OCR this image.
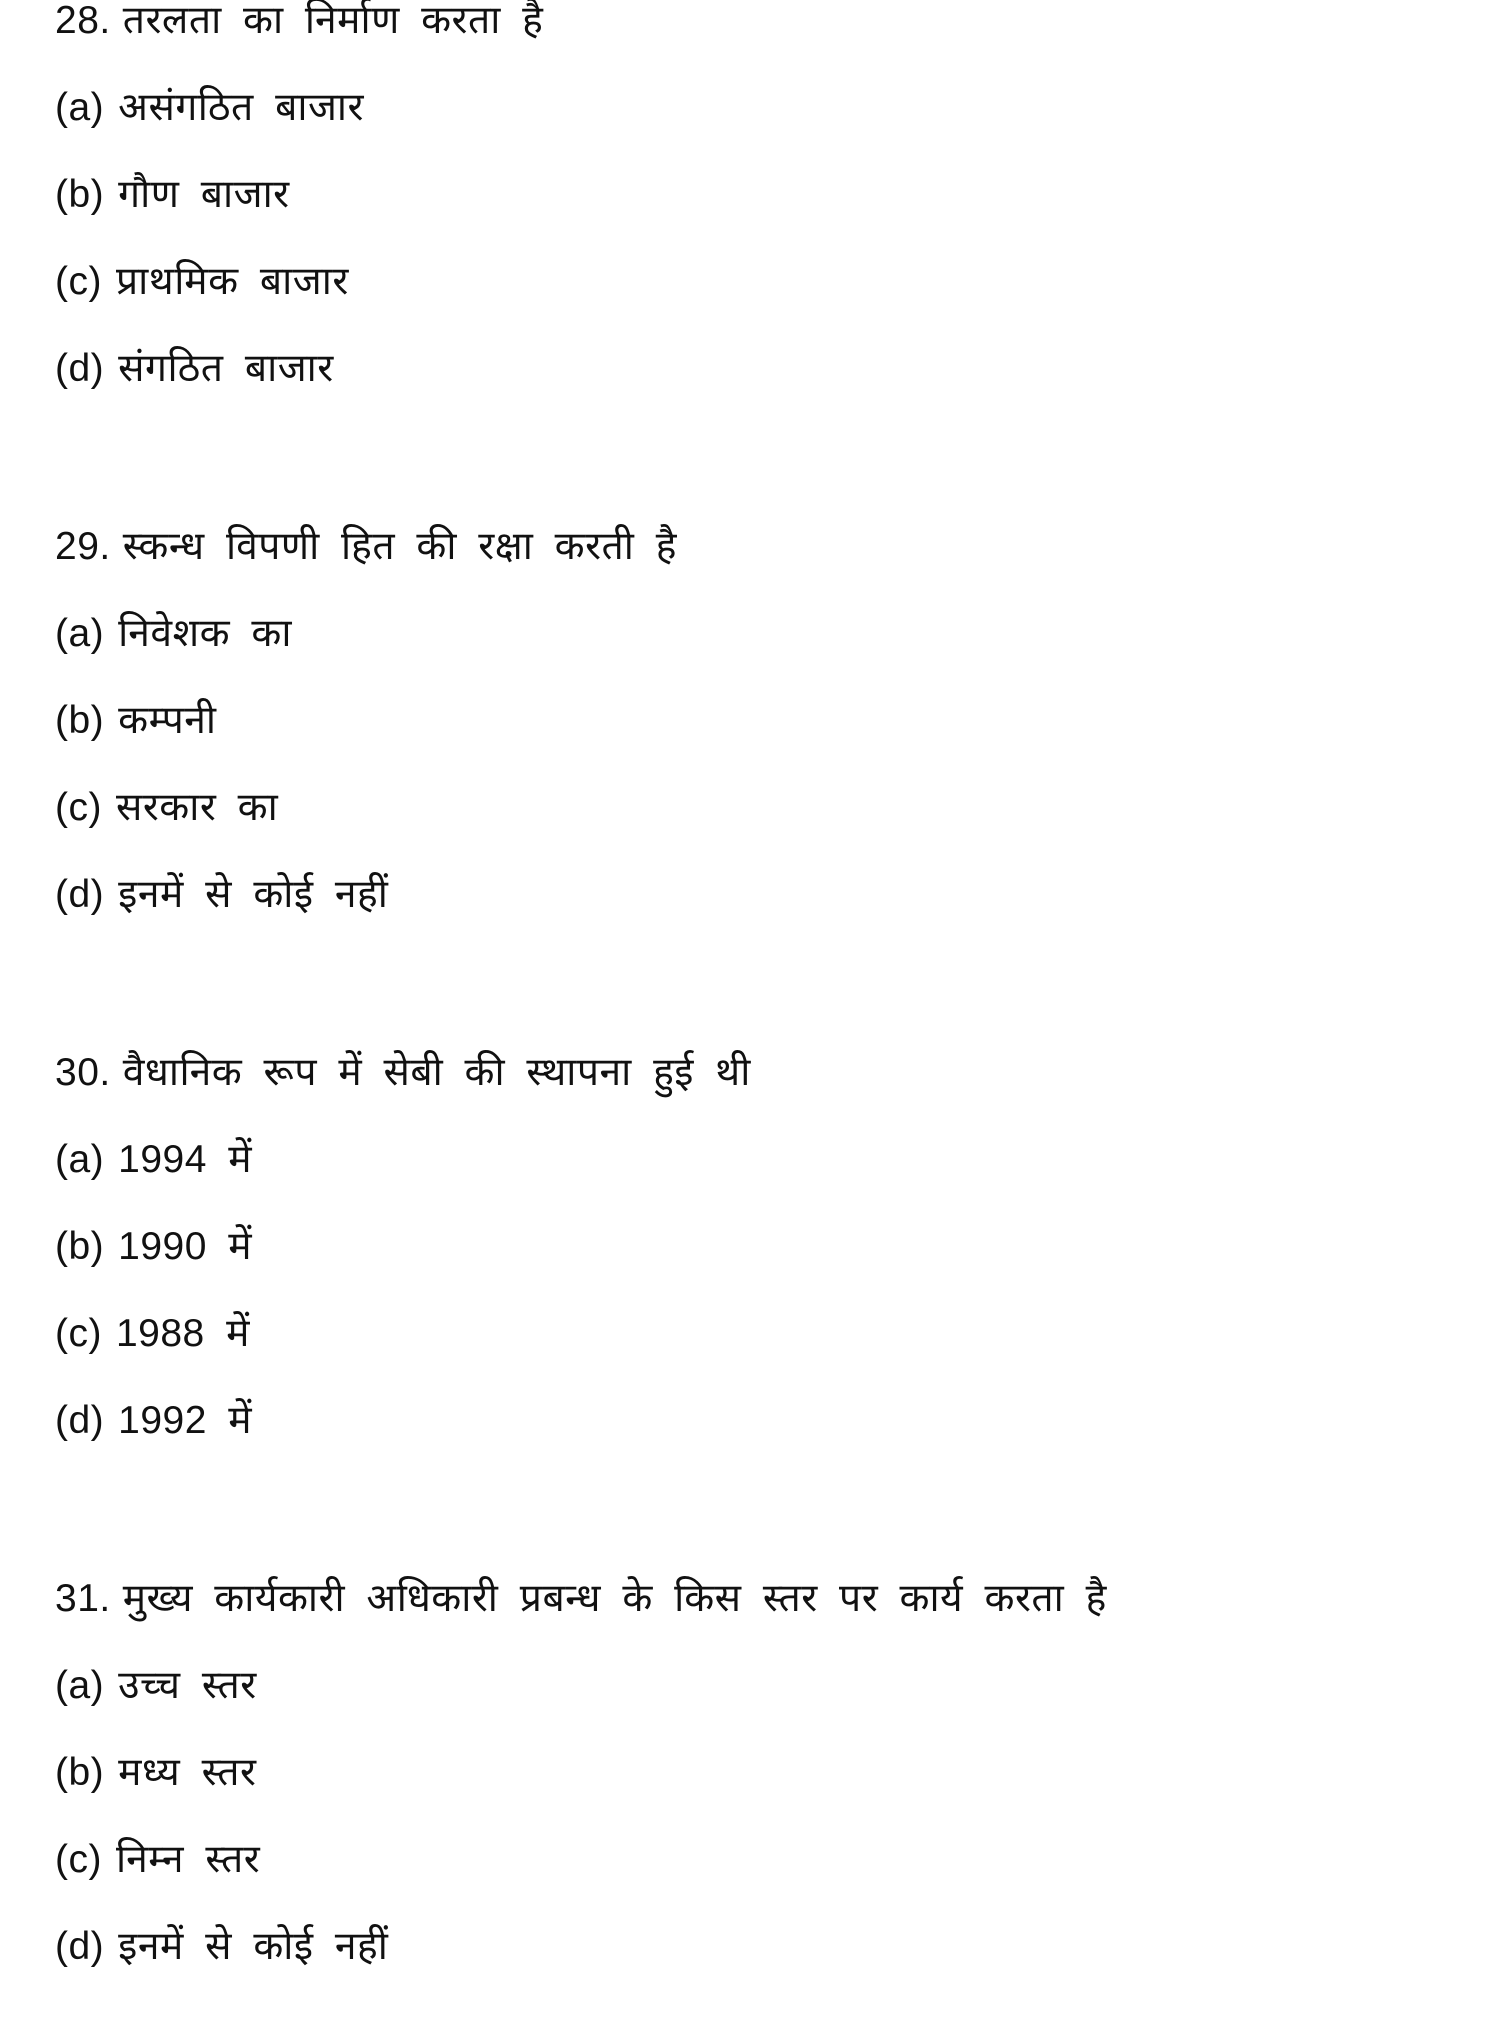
28. तरलता का निर्माण करता है
(a) असंगठित बाजार
(b) गौण बाजार
(c) प्राथमिक बाजार
(d) संगठित बाजार
29. स्कन्ध विपणी हित की रक्षा करती है
(a) निवेशक का
(b) कम्पनी
(c) सरकार का
(d) इनमें से कोई नहीं
30. वैधानिक रूप में सेबी की स्थापना हुई थी
(a) 1994 में
(b) 1990 में
(c) 1988 में
(d) 1992 में
31. मुख्य कार्यकारी अधिकारी प्रबन्ध के किस स्तर पर कार्य करता है
(a) उच्च स्तर
(b) मध्य स्तर
(c) निम्न स्तर
(d) इनमें से कोई नहीं
